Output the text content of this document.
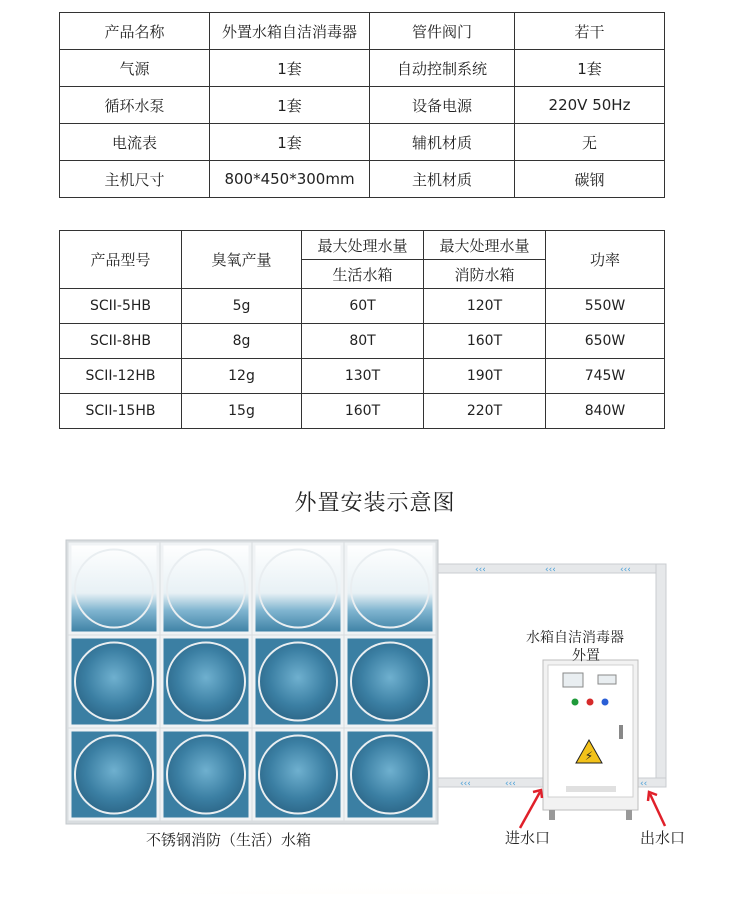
产品名称	外置水箱自洁消毒器	管件阀门	若干
气源	1套	自动控制系统	1套
循环水泵	1套	设备电源	220V 50Hz
电流表	1套	辅机材质	无
主机尺寸	800*450*300mm	主机材质	碳钢
产品型号	臭氧产量	最大处理水量	最大处理水量	功率
		生活水箱	消防水箱	
SCII-5HB	5g	60T	120T	550W
SCII-8HB	8g	80T	160T	650W
SCII-12HB	12g	130T	190T	745W
SCII-15HB	15g	160T	220T	840W
外置安装示意图
‹‹‹	‹‹‹	‹‹‹
‹‹‹	‹‹‹	‹‹
⚡
水箱自洁消毒器
外置
不锈钢消防（生活）水箱	进水口	出水口
